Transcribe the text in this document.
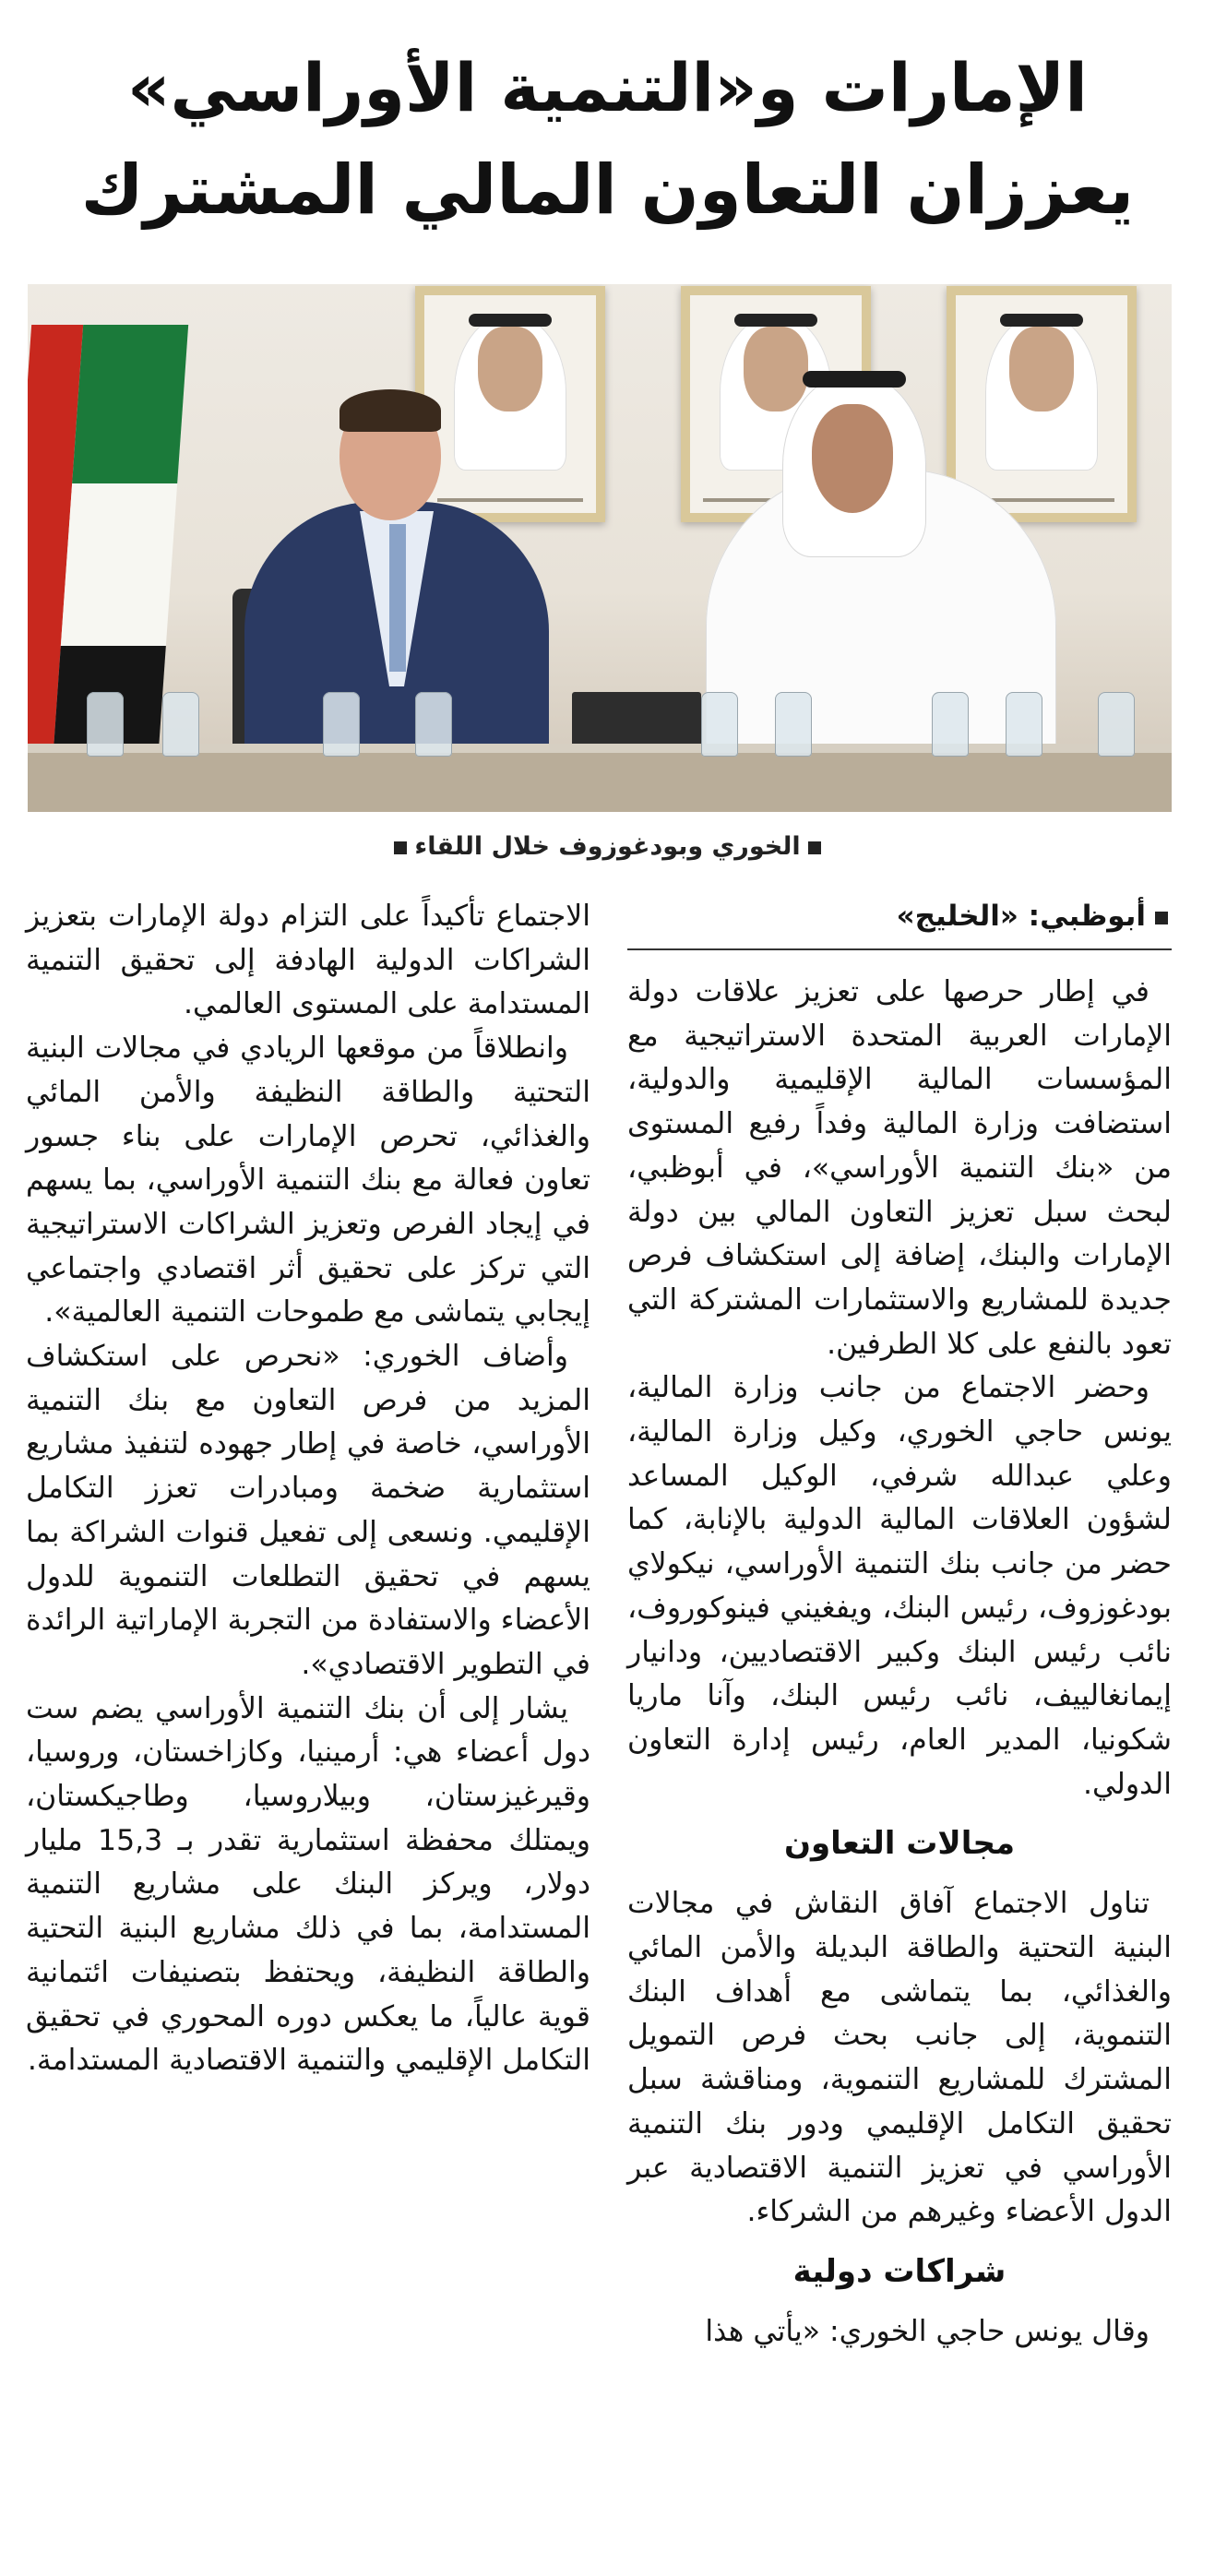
الإمارات و«التنمية الأوراسي»
يعززان التعاون المالي المشترك
الخوري وبودغوزوف خلال اللقاء
أبوظبي: «الخليج»

في إطار حرصها على تعزيز علاقات دولة الإمارات العربية المتحدة الاستراتيجية مع المؤسسات المالية الإقليمية والدولية، استضافت وزارة المالية وفداً رفيع المستوى من «بنك التنمية الأوراسي»، في أبوظبي، لبحث سبل تعزيز التعاون المالي بين دولة الإمارات والبنك، إضافة إلى استكشاف فرص جديدة للمشاريع والاستثمارات المشتركة التي تعود بالنفع على كلا الطرفين.

وحضر الاجتماع من جانب وزارة المالية، يونس حاجي الخوري، وكيل وزارة المالية، وعلي عبدالله شرفي، الوكيل المساعد لشؤون العلاقات المالية الدولية بالإنابة، كما حضر من جانب بنك التنمية الأوراسي، نيكولاي بودغوزوف، رئيس البنك، ويفغيني فينوكوروف، نائب رئيس البنك وكبير الاقتصاديين، ودانيار إيمانغالييف، نائب رئيس البنك، وآنا ماريا شكونيا، المدير العام، رئيس إدارة التعاون الدولي.

مجالات التعاون

تناول الاجتماع آفاق النقاش في مجالات البنية التحتية والطاقة البديلة والأمن المائي والغذائي، بما يتماشى مع أهداف البنك التنموية، إلى جانب بحث فرص التمويل المشترك للمشاريع التنموية، ومناقشة سبل تحقيق التكامل الإقليمي ودور بنك التنمية الأوراسي في تعزيز التنمية الاقتصادية عبر الدول الأعضاء وغيرهم من الشركاء.

شراكات دولية

وقال يونس حاجي الخوري: «يأتي هذا

الاجتماع تأكيداً على التزام دولة الإمارات بتعزيز الشراكات الدولية الهادفة إلى تحقيق التنمية المستدامة على المستوى العالمي.

وانطلاقاً من موقعها الريادي في مجالات البنية التحتية والطاقة النظيفة والأمن المائي والغذائي، تحرص الإمارات على بناء جسور تعاون فعالة مع بنك التنمية الأوراسي، بما يسهم في إيجاد الفرص وتعزيز الشراكات الاستراتيجية التي تركز على تحقيق أثر اقتصادي واجتماعي إيجابي يتماشى مع طموحات التنمية العالمية».

وأضاف الخوري: «نحرص على استكشاف المزيد من فرص التعاون مع بنك التنمية الأوراسي، خاصة في إطار جهوده لتنفيذ مشاريع استثمارية ضخمة ومبادرات تعزز التكامل الإقليمي. ونسعى إلى تفعيل قنوات الشراكة بما يسهم في تحقيق التطلعات التنموية للدول الأعضاء والاستفادة من التجربة الإماراتية الرائدة في التطوير الاقتصادي».

يشار إلى أن بنك التنمية الأوراسي يضم ست دول أعضاء هي: أرمينيا، وكازاخستان، وروسيا، وقيرغيزستان، وبيلاروسيا، وطاجيكستان، ويمتلك محفظة استثمارية تقدر بـ 15,3 مليار دولار، ويركز البنك على مشاريع التنمية المستدامة، بما في ذلك مشاريع البنية التحتية والطاقة النظيفة، ويحتفظ بتصنيفات ائتمانية قوية عالياً، ما يعكس دوره المحوري في تحقيق التكامل الإقليمي والتنمية الاقتصادية المستدامة.
